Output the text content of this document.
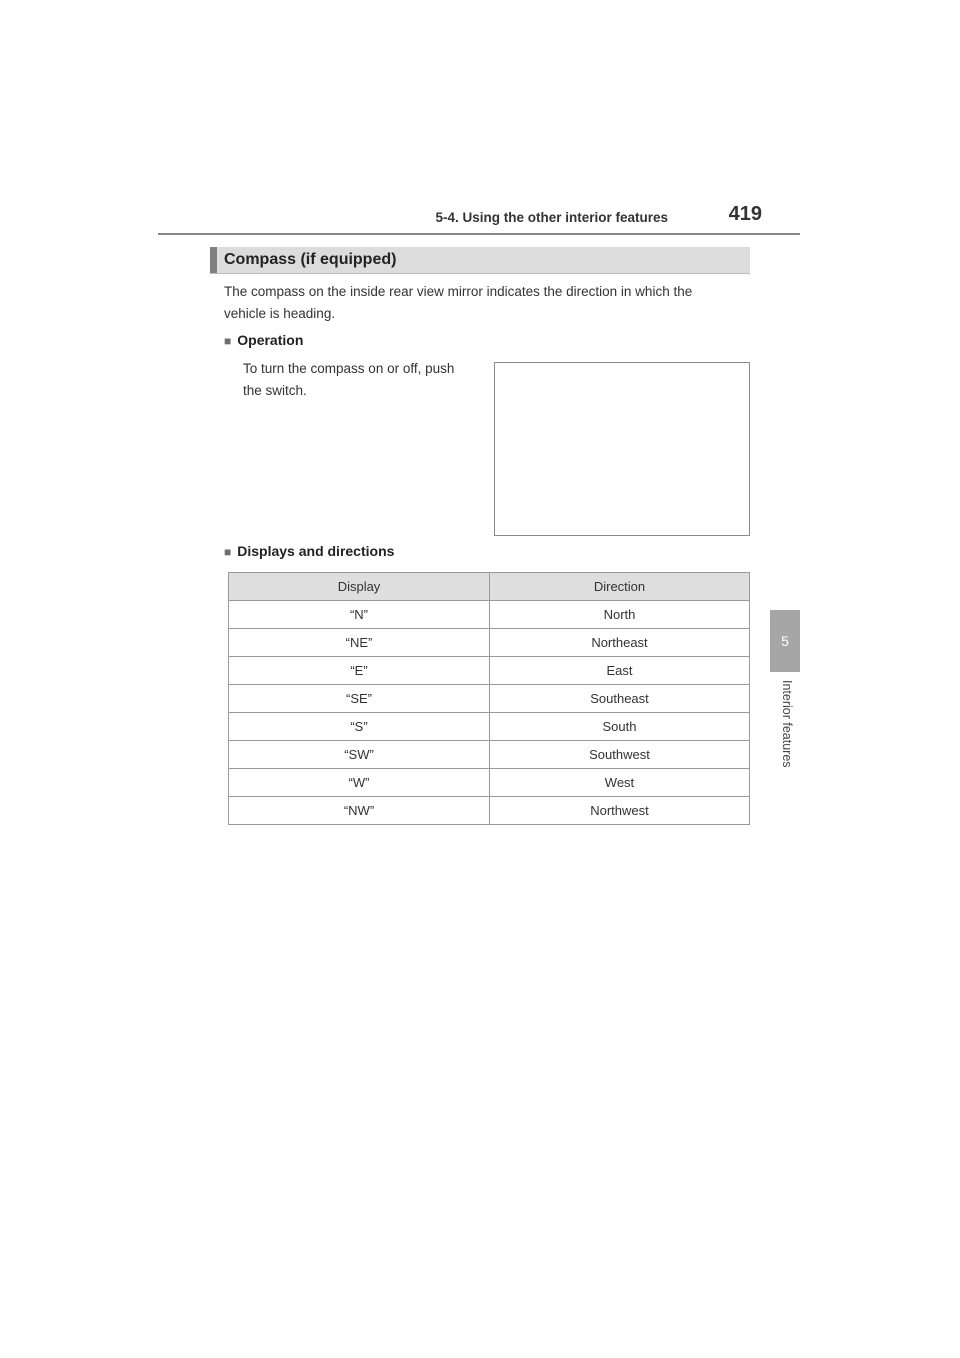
5-4. Using the other interior features	419
5
Interior features
Compass (if equipped)
The compass on the inside rear view mirror indicates the direction in which the
vehicle is heading.
■ Operation
To turn the compass on or off, push
the switch.
■ Displays and directions
Display	Direction
“N”	North
“NE”	Northeast
“E”	East
“SE”	Southeast
“S”	South
“SW”	Southwest
“W”	West
“NW”	Northwest
